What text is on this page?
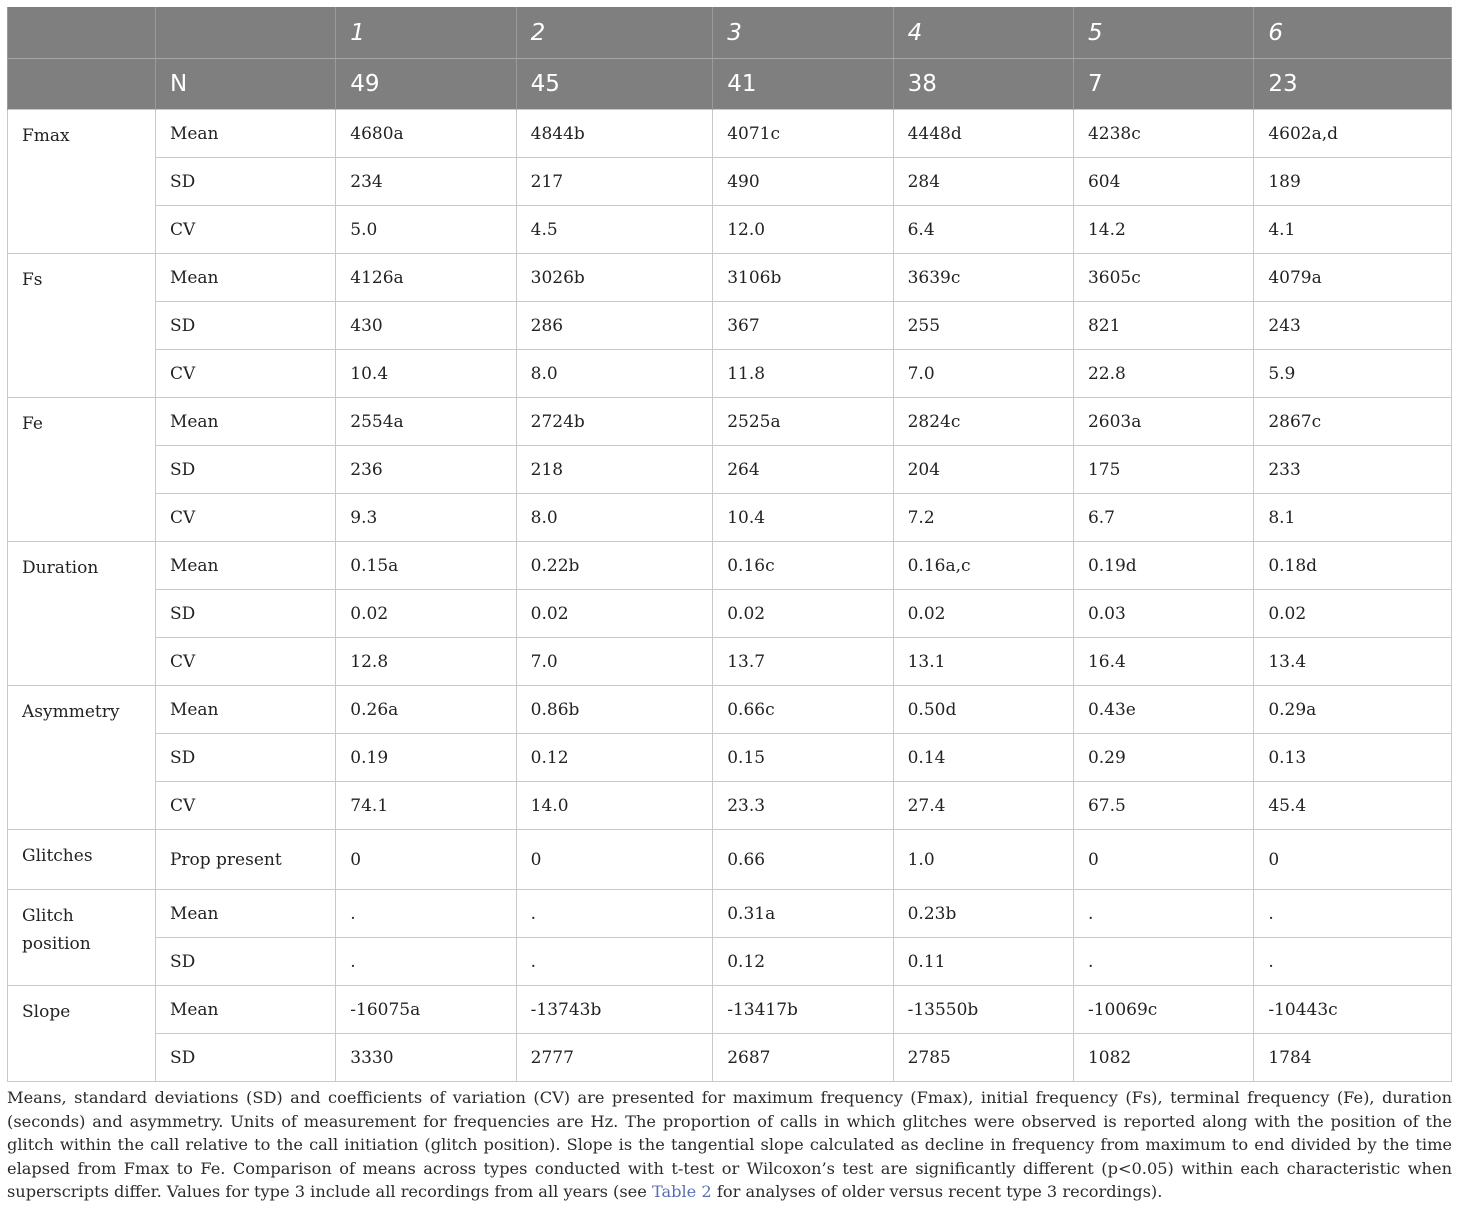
		1	2	3	4	5	6
	N	49	45	41	38	7	23
Fmax	Mean	4680a	4844b	4071c	4448d	4238c	4602a,d
	SD	234	217	490	284	604	189
	CV	5.0	4.5	12.0	6.4	14.2	4.1
Fs	Mean	4126a	3026b	3106b	3639c	3605c	4079a
	SD	430	286	367	255	821	243
	CV	10.4	8.0	11.8	7.0	22.8	5.9
Fe	Mean	2554a	2724b	2525a	2824c	2603a	2867c
	SD	236	218	264	204	175	233
	CV	9.3	8.0	10.4	7.2	6.7	8.1
Duration	Mean	0.15a	0.22b	0.16c	0.16a,c	0.19d	0.18d
	SD	0.02	0.02	0.02	0.02	0.03	0.02
	CV	12.8	7.0	13.7	13.1	16.4	13.4
Asymmetry	Mean	0.26a	0.86b	0.66c	0.50d	0.43e	0.29a
	SD	0.19	0.12	0.15	0.14	0.29	0.13
	CV	74.1	14.0	23.3	27.4	67.5	45.4
Glitches	Prop present	0	0	0.66	1.0	0	0

Glitch
position	Mean	.	.	0.31a	0.23b	.	.
	SD	.	.	0.12	0.11	.	.
Slope	Mean	-16075a	-13743b	-13417b	-13550b	-10069c	-10443c
	SD	3330	2777	2687	2785	1082	1784
Means, standard deviations (SD) and coefficients of variation (CV) are presented for maximum frequency (Fmax), initial frequency (Fs), terminal frequency (Fe), duration (seconds) and asymmetry. Units of measurement for frequencies are Hz. The proportion of calls in which glitches were observed is reported along with the position of the glitch within the call relative to the call initiation (glitch position). Slope is the tangential slope calculated as decline in frequency from maximum to end divided by the time elapsed from Fmax to Fe. Comparison of means across types conducted with t-test or Wilcoxon’s test are significantly different (p<0.05) within each characteristic when superscripts differ. Values for type 3 include all recordings from all years (see Table 2 for analyses of older versus recent type 3 recordings).
